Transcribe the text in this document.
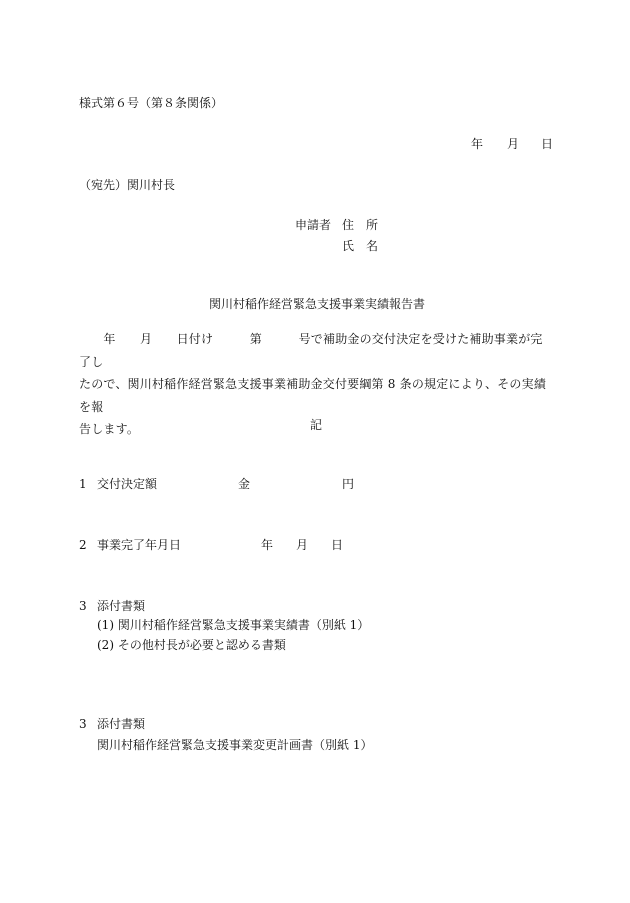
様式第６号（第８条関係）
年 月 日
（宛先）関川村長
申請者 住　所
氏　名
関川村稲作経営緊急支援事業実績報告書
　　年　　月　　日付け　　　第　　　号で補助金の交付決定を受けた補助事業が完了し
たので、関川村稲作経営緊急支援事業補助金交付要綱第 8 条の規定により、その実績を報
告します。	記
1 交付決定額	金	円
2 事業完了年月日	年 月 日
3 添付書類
(1) 関川村稲作経営緊急支援事業実績書（別紙 1）
(2) その他村長が必要と認める書類
3 添付書類
関川村稲作経営緊急支援事業変更計画書（別紙 1）
